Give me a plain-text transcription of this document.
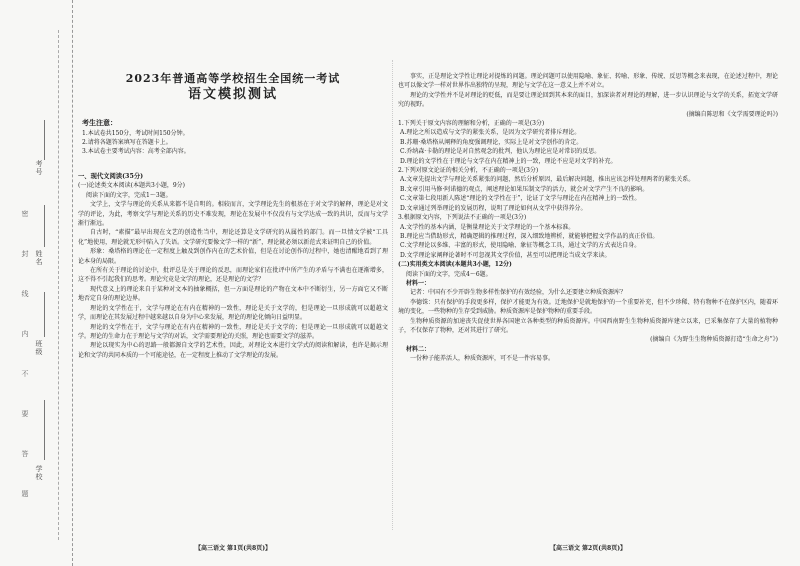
考号
姓名
班级
学校
密
封
线
内
不
要
答
题
2023年普通高等学校招生全国统一考试
语文模拟测试
考生注意：
1.本试卷共150分，考试时间150分钟。
2.请将各题答案填写在答题卡上。
3.本试卷主要考试内容：高考全部内容。
一、现代文阅读(35分)
(一)论述类文本阅读(本题共3小题，9分)
阅读下面的文字，完成1～3题。

文学上，文学与理论的关系从来都不是自明的。相较而言，文学理论先生的根基在于对文学的解释，理论是对文学的评论，为此，考察文学与理论关系的历史不难发现，理论在发展中不仅没有与文学达成一致的共识，反而与文学渐行渐远。

自古时，“素描”最早出现在文艺的创造性当中，理论还算是文学研究的从属性的部门。而一旦情文学被“工具化”地使用，理论就无形中陷入了失语。文学研究要像文学一样的“新”，理论就必须以新范式来证明自己的价值。

形象：桑塔格的理论在一定程度上触及到创作内在的艺术价值，但是在讨论创作的过程中，她也清醒地看到了理论本身的局限。

在所有关于理论的讨论中，批评总是关于理论的反思，而理论家们在批评中所产生的矛盾与不满也在逐渐增多，这不得不引起我们的思考。理论究竟是文学的理论，还是理论的文学？

现代意义上的理论来自于某种对文本的抽象概括，但一方面是理论的产物在文本中不断衍生，另一方面它又不断地否定自身的理论边界。

理论的文学性在于，文学与理论在有内在精神的一致性，理论是关于文学的，但是理论一旦形成就可以超越文学，而理论在其发展过程中越来越以自身为中心来发展，理论的理论化倾向日益明显。

理论的文学性在于，文学与理论在有内在精神的一致性，理论是关于文学的；但是理论一旦形成就可以超越文学。理论的生命力在于理论与文学的对话，文学需要理论的关照，理论也需要文学的滋养。

理论以现实为中心的思路一般都源自文学的艺术性，因此，对理论文本进行文学式的阅读和解读，也许是揭示理论和文学的共同本质的一个可能途径，在一定程度上推动了文学理论的发展。

【高三语文 第1页(共8页)】

事实，正是理论文学性让理论对提炼的问题。理论问题可以使用隐喻、象征、转喻、形象、传统、反思等概念来表现，在论述过程中，理论也可以像文学一样对世界作出独特的呈现，理论与文学在这一意义上并不对立。

理论的文学性并不是对理论的贬低，而是要让理论回到其本来的面目，加深读者对理论的理解，进一步认识理论与文学的关系，拓宽文学研究的视野。

(摘编自陈思和《文学需要理论吗》)
1.下列关于原文内容的理解和分析，正确的一项是(3分)
A.理论之所以造成与文学的紧张关系，是因为文学研究者排斥理论。
B.苏珊·桑塔格从阐释的角度强调理论，实际上是对文学创作的肯定。
C.乔纳森·卡勒的理论是对自然观念的批判，他认为理论应是对常识的反思。
D.理论的文学性在于理论与文学在内在精神上的一致，理论不应是对文学的补充。
2.下列对原文论证的相关分析，不正确的一项是(3分)
A.文章先提出文学与理论关系紧张的问题，然后分析原因，最后解决问题，推出应该怎样处理两者的紧张关系。
B.文章引用马修·阿诺德的观点，阐述理论如果压制文学的活力，就会对文学产生不良的影响。
C.文章第七段用新人陈述“理论的文学性在于”，论证了文学与理论在内在精神上的一致性。
D.文章通过列举理论的发展历程，说明了理论如何从文学中获得养分。
3.根据原文内容，下列说法不正确的一项是(3分)
A.文学性的基本内涵，是衡量理论关于文学理论的一个基本标准。
B.理论应当借助形式，精确逻辑的推理过程，深入细致地辨析，就能够把握文学作品的真正价值。
C.文学理论以多维、丰富的形式，使用隐喻、象征等概念工具，通过文学的方式表达自身。
D.文学理论家阐释论著时不可忽视其文学价值，甚至可以把理论当成文学来读。
(二)实用类文本阅读(本题共3小题，12分)
阅读下面的文字，完成4～6题。
材料一：

记者：中国有不少开辟生物多样性保护的有效经验，为什么还要建立种质资源库？

李德铢：只有保护的手段更多样，保护才能更为有效。迁地保护是就地保护的一个重要补充，但不少珍稀、特有物种不在保护区内，随着环境的变化，一些物种的生存受到威胁。种质资源库是保护物种的重要手段。

生物种质资源的加速丧失促使世界各国建立各种类型的种质资源库。中国西南野生生物种质资源库建立以来，已采集保存了大量的植物种子，不仅保存了物种，还对其进行了研究。

(摘编自《为野生生物种质资源打造“生命之舟”》)
材料二：

一份种子能养活人，种质资源库，可不是一件容易事。

【高三语文 第2页(共8页)】
